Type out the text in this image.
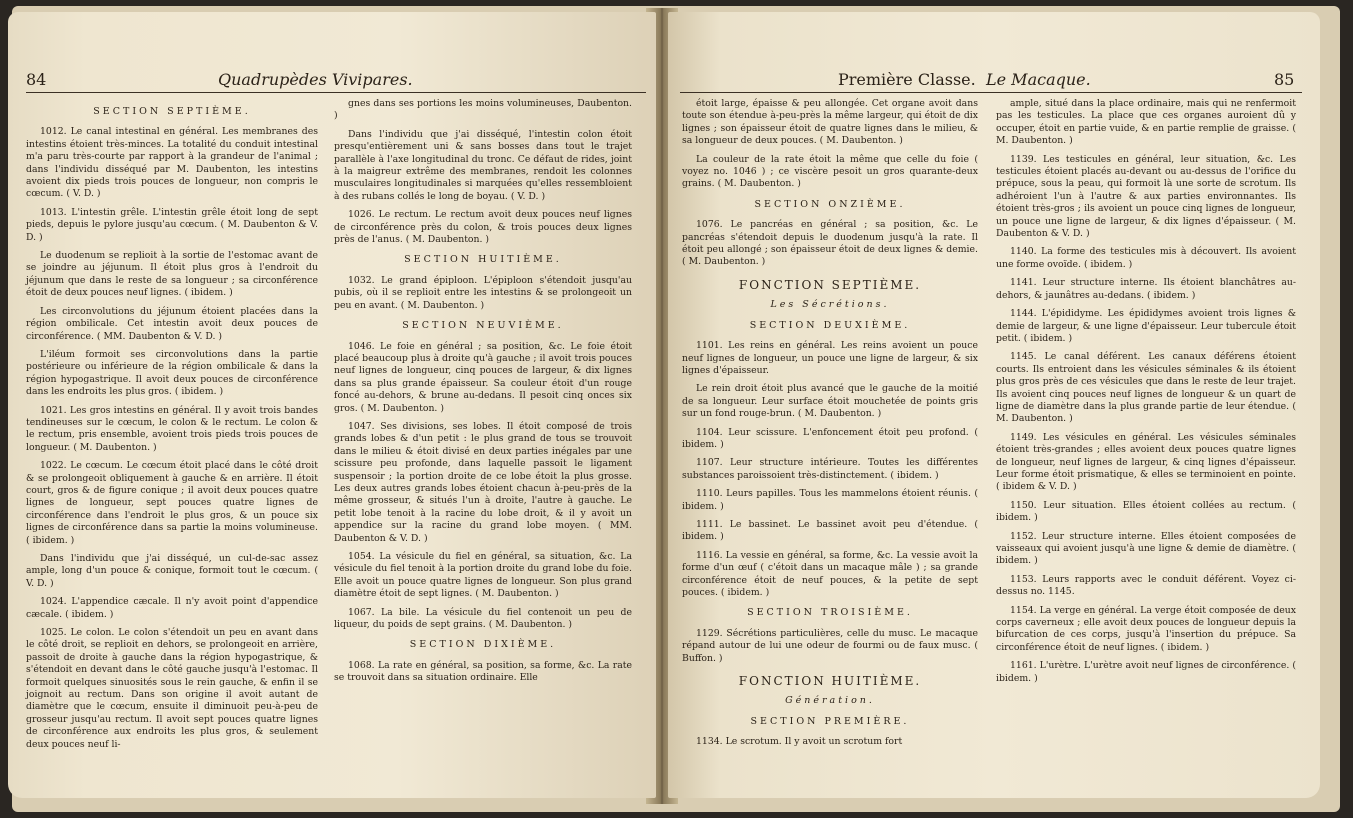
84	Quadrupèdes Vivipares.
SECTION SEPTIÈME.

1012. Le canal intestinal en général. Les membranes des intestins étoient très-minces. La totalité du conduit intestinal m'a paru très-courte par rapport à la grandeur de l'animal ; dans l'individu disséqué par M. Daubenton, les intestins avoient dix pieds trois pouces de longueur, non compris le cœcum. ( V. D. )

1013. L'intestin grêle. L'intestin grêle étoit long de sept pieds, depuis le pylore jusqu'au cœcum. ( M. Daubenton & V. D. )

Le duodenum se replioit à la sortie de l'estomac avant de se joindre au jéjunum. Il étoit plus gros à l'endroit du jéjunum que dans le reste de sa longueur ; sa circonférence étoit de deux pouces neuf lignes. ( ibidem. )

Les circonvolutions du jéjunum étoient placées dans la région ombilicale. Cet intestin avoit deux pouces de circonférence. ( MM. Daubenton & V. D. )

L'iléum formoit ses circonvolutions dans la partie postérieure ou inférieure de la région ombilicale & dans la région hypogastrique. Il avoit deux pouces de circonférence dans les endroits les plus gros. ( ibidem. )

1021. Les gros intestins en général. Il y avoit trois bandes tendineuses sur le cœcum, le colon & le rectum. Le colon & le rectum, pris ensemble, avoient trois pieds trois pouces de longueur. ( M. Daubenton. )

1022. Le cœcum. Le cœcum étoit placé dans le côté droit & se prolongeoit obliquement à gauche & en arrière. Il étoit court, gros & de figure conique ; il avoit deux pouces quatre lignes de longueur, sept pouces quatre lignes de circonférence dans l'endroit le plus gros, & un pouce six lignes de circonférence dans sa partie la moins volumineuse. ( ibidem. )

Dans l'individu que j'ai disséqué, un cul-de-sac assez ample, long d'un pouce & conique, formoit tout le cœcum. ( V. D. )

1024. L'appendice cæcale. Il n'y avoit point d'appendice cæcale. ( ibidem. )

1025. Le colon. Le colon s'étendoit un peu en avant dans le côté droit, se replioit en dehors, se prolongeoit en arrière, passoit de droite à gauche dans la région hypogastrique, & s'étendoit en devant dans le côté gauche jusqu'à l'estomac. Il formoit quelques sinuosités sous le rein gauche, & enfin il se joignoit au rectum. Dans son origine il avoit autant de diamètre que le cœcum, ensuite il diminuoit peu-à-peu de grosseur jusqu'au rectum. Il avoit sept pouces quatre lignes de circonférence aux endroits les plus gros, & seulement deux pouces neuf li-

gnes dans ses portions les moins volumineuses, Daubenton. )

Dans l'individu que j'ai disséqué, l'intestin colon étoit presqu'entièrement uni & sans bosses dans tout le trajet parallèle à l'axe longitudinal du tronc. Ce défaut de rides, joint à la maigreur extrême des membranes, rendoit les colonnes musculaires longitudinales si marquées qu'elles ressembloient à des rubans collés le long de boyau. ( V. D. )

1026. Le rectum. Le rectum avoit deux pouces neuf lignes de circonférence près du colon, & trois pouces deux lignes près de l'anus. ( M. Daubenton. )

SECTION HUITIÈME.

1032. Le grand épiploon. L'épiploon s'étendoit jusqu'au pubis, où il se replioit entre les intestins & se prolongeoit un peu en avant. ( M. Daubenton. )

SECTION NEUVIÈME.

1046. Le foie en général ; sa position, &c. Le foie étoit placé beaucoup plus à droite qu'à gauche ; il avoit trois pouces neuf lignes de longueur, cinq pouces de largeur, & dix lignes dans sa plus grande épaisseur. Sa couleur étoit d'un rouge foncé au-dehors, & brune au-dedans. Il pesoit cinq onces six gros. ( M. Daubenton. )

1047. Ses divisions, ses lobes. Il étoit composé de trois grands lobes & d'un petit : le plus grand de tous se trouvoit dans le milieu & étoit divisé en deux parties inégales par une scissure peu profonde, dans laquelle passoit le ligament suspensoir ; la portion droite de ce lobe étoit la plus grosse. Les deux autres grands lobes étoient chacun à-peu-près de la même grosseur, & situés l'un à droite, l'autre à gauche. Le petit lobe tenoit à la racine du lobe droit, & il y avoit un appendice sur la racine du grand lobe moyen. ( MM. Daubenton & V. D. )

1054. La vésicule du fiel en général, sa situation, &c. La vésicule du fiel tenoit à la portion droite du grand lobe du foie. Elle avoit un pouce quatre lignes de longueur. Son plus grand diamètre étoit de sept lignes. ( M. Daubenton. )

1067. La bile. La vésicule du fiel contenoit un peu de liqueur, du poids de sept grains. ( M. Daubenton. )

SECTION DIXIÈME.

1068. La rate en général, sa position, sa forme, &c. La rate se trouvoit dans sa situation ordinaire. Elle

Première Classe. Le Macaque.	85

étoit large, épaisse & peu allongée. Cet organe avoit dans toute son étendue à-peu-près la même largeur, qui étoit de dix lignes ; son épaisseur étoit de quatre lignes dans le milieu, & sa longueur de deux pouces. ( M. Daubenton. )

La couleur de la rate étoit la même que celle du foie ( voyez no. 1046 ) ; ce viscère pesoit un gros quarante-deux grains. ( M. Daubenton. )

SECTION ONZIÈME.

1076. Le pancréas en général ; sa position, &c. Le pancréas s'étendoit depuis le duodenum jusqu'à la rate. Il étoit peu allongé ; son épaisseur étoit de deux lignes & demie. ( M. Daubenton. )

FONCTION SEPTIÈME.
Les Sécrétions.
SECTION DEUXIÈME.

1101. Les reins en général. Les reins avoient un pouce neuf lignes de longueur, un pouce une ligne de largeur, & six lignes d'épaisseur.

Le rein droit étoit plus avancé que le gauche de la moitié de sa longueur. Leur surface étoit mouchetée de points gris sur un fond rouge-brun. ( M. Daubenton. )

1104. Leur scissure. L'enfoncement étoit peu profond. ( ibidem. )

1107. Leur structure intérieure. Toutes les différentes substances paroissoient très-distinctement. ( ibidem. )

1110. Leurs papilles. Tous les mammelons étoient réunis. ( ibidem. )

1111. Le bassinet. Le bassinet avoit peu d'étendue. ( ibidem. )

1116. La vessie en général, sa forme, &c. La vessie avoit la forme d'un œuf ( c'étoit dans un macaque mâle ) ; sa grande circonférence étoit de neuf pouces, & la petite de sept pouces. ( ibidem. )

SECTION TROISIÈME.

1129. Sécrétions particulières, celle du musc. Le macaque répand autour de lui une odeur de fourmi ou de faux musc. ( Buffon. )

FONCTION HUITIÈME.
Génération.
SECTION PREMIÈRE.

1134. Le scrotum. Il y avoit un scrotum fort

ample, situé dans la place ordinaire, mais qui ne renfermoit pas les testicules. La place que ces organes auroient dû y occuper, étoit en partie vuide, & en partie remplie de graisse. ( M. Daubenton. )

1139. Les testicules en général, leur situation, &c. Les testicules étoient placés au-devant ou au-dessus de l'orifice du prépuce, sous la peau, qui formoit là une sorte de scrotum. Ils adhéroient l'un à l'autre & aux parties environnantes. Ils étoient très-gros ; ils avoient un pouce cinq lignes de longueur, un pouce une ligne de largeur, & dix lignes d'épaisseur. ( M. Daubenton & V. D. )

1140. La forme des testicules mis à découvert. Ils avoient une forme ovoïde. ( ibidem. )

1141. Leur structure interne. Ils étoient blanchâtres au-dehors, & jaunâtres au-dedans. ( ibidem. )

1144. L'épididyme. Les épididymes avoient trois lignes & demie de largeur, & une ligne d'épaisseur. Leur tubercule étoit petit. ( ibidem. )

1145. Le canal déférent. Les canaux déférens étoient courts. Ils entroient dans les vésicules séminales & ils étoient plus gros près de ces vésicules que dans le reste de leur trajet. Ils avoient cinq pouces neuf lignes de longueur & un quart de ligne de diamètre dans la plus grande partie de leur étendue. ( M. Daubenton. )

1149. Les vésicules en général. Les vésicules séminales étoient très-grandes ; elles avoient deux pouces quatre lignes de longueur, neuf lignes de largeur, & cinq lignes d'épaisseur. Leur forme étoit prismatique, & elles se terminoient en pointe. ( ibidem & V. D. )

1150. Leur situation. Elles étoient collées au rectum. ( ibidem. )

1152. Leur structure interne. Elles étoient composées de vaisseaux qui avoient jusqu'à une ligne & demie de diamètre. ( ibidem. )

1153. Leurs rapports avec le conduit déférent. Voyez ci-dessus no. 1145.

1154. La verge en général. La verge étoit composée de deux corps caverneux ; elle avoit deux pouces de longueur depuis la bifurcation de ces corps, jusqu'à l'insertion du prépuce. Sa circonférence étoit de neuf lignes. ( ibidem. )

1161. L'urètre. L'urètre avoit neuf lignes de circonférence. ( ibidem. )
